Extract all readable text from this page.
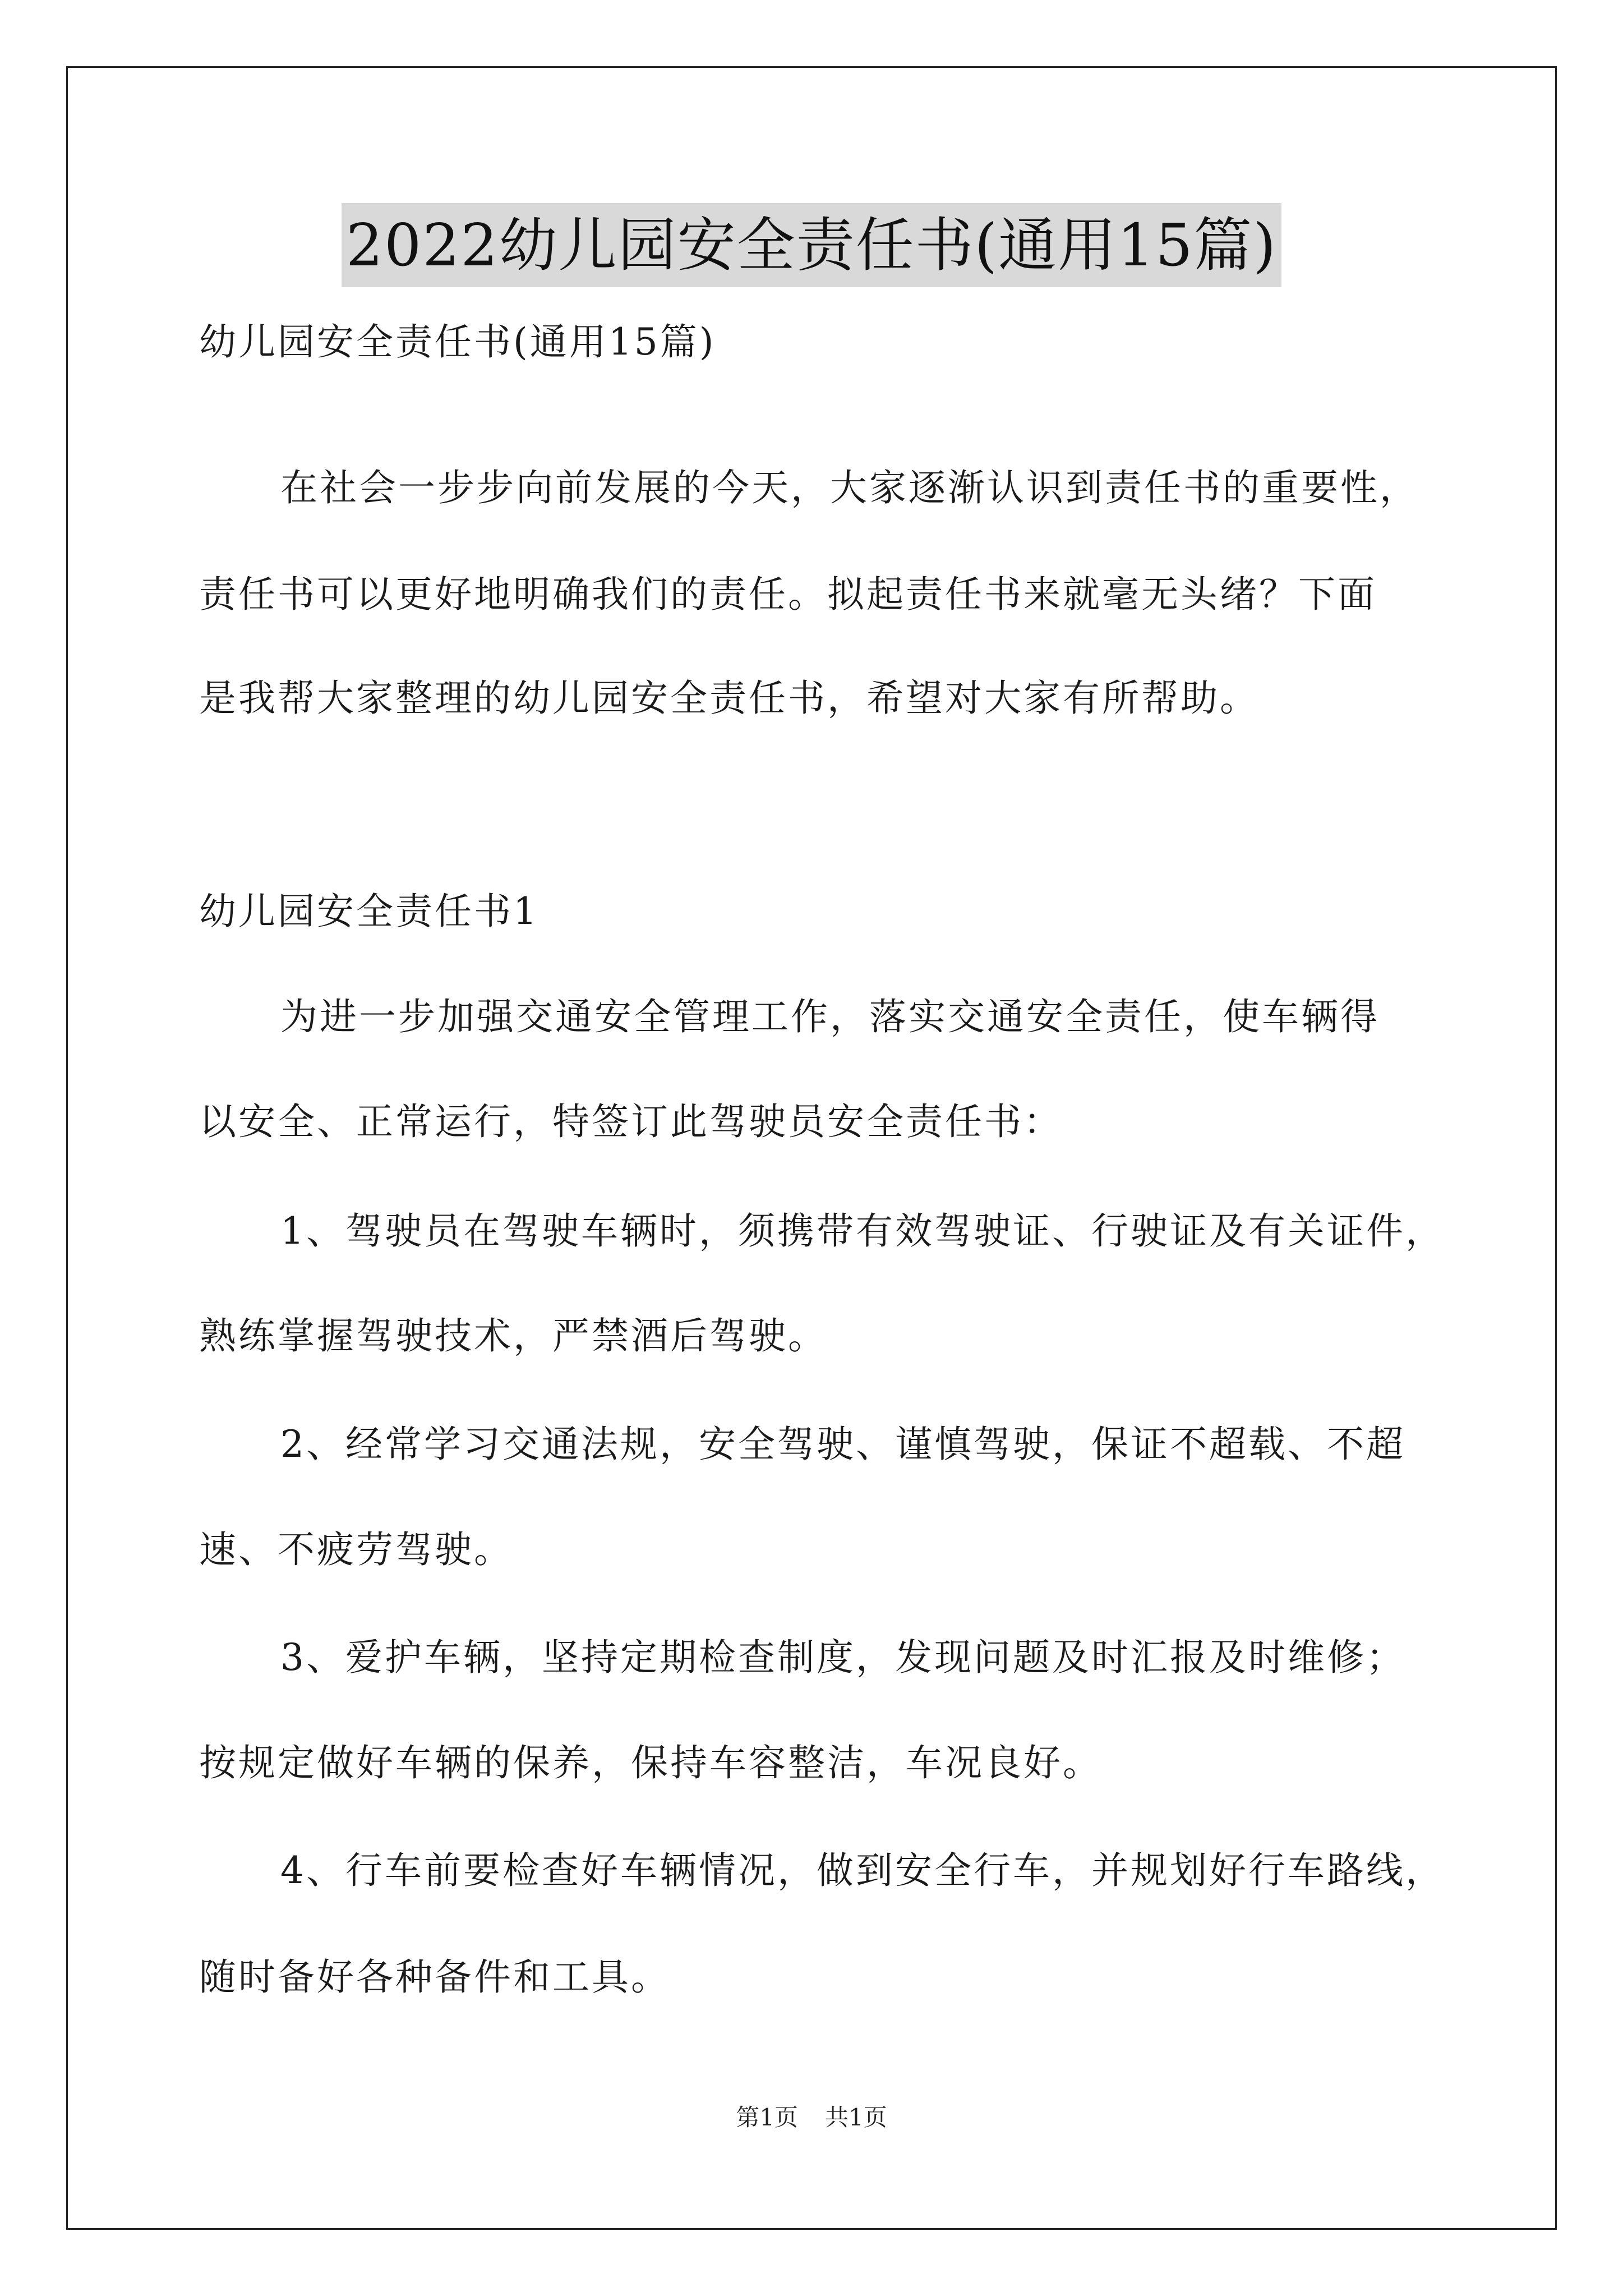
2022幼儿园安全责任书(通用15篇)
幼儿园安全责任书(通用15篇)
在社会一步步向前发展的今天，大家逐渐认识到责任书的重要性，
责任书可以更好地明确我们的责任。拟起责任书来就毫无头绪？下面
是我帮大家整理的幼儿园安全责任书，希望对大家有所帮助。
幼儿园安全责任书1
为进一步加强交通安全管理工作，落实交通安全责任，使车辆得
以安全、正常运行，特签订此驾驶员安全责任书：
1、驾驶员在驾驶车辆时，须携带有效驾驶证、行驶证及有关证件，
熟练掌握驾驶技术，严禁酒后驾驶。
2、经常学习交通法规，安全驾驶、谨慎驾驶，保证不超载、不超
速、不疲劳驾驶。
3、爱护车辆，坚持定期检查制度，发现问题及时汇报及时维修；
按规定做好车辆的保养，保持车容整洁，车况良好。
4、行车前要检查好车辆情况，做到安全行车，并规划好行车路线，
随时备好各种备件和工具。
第1页 共1页
